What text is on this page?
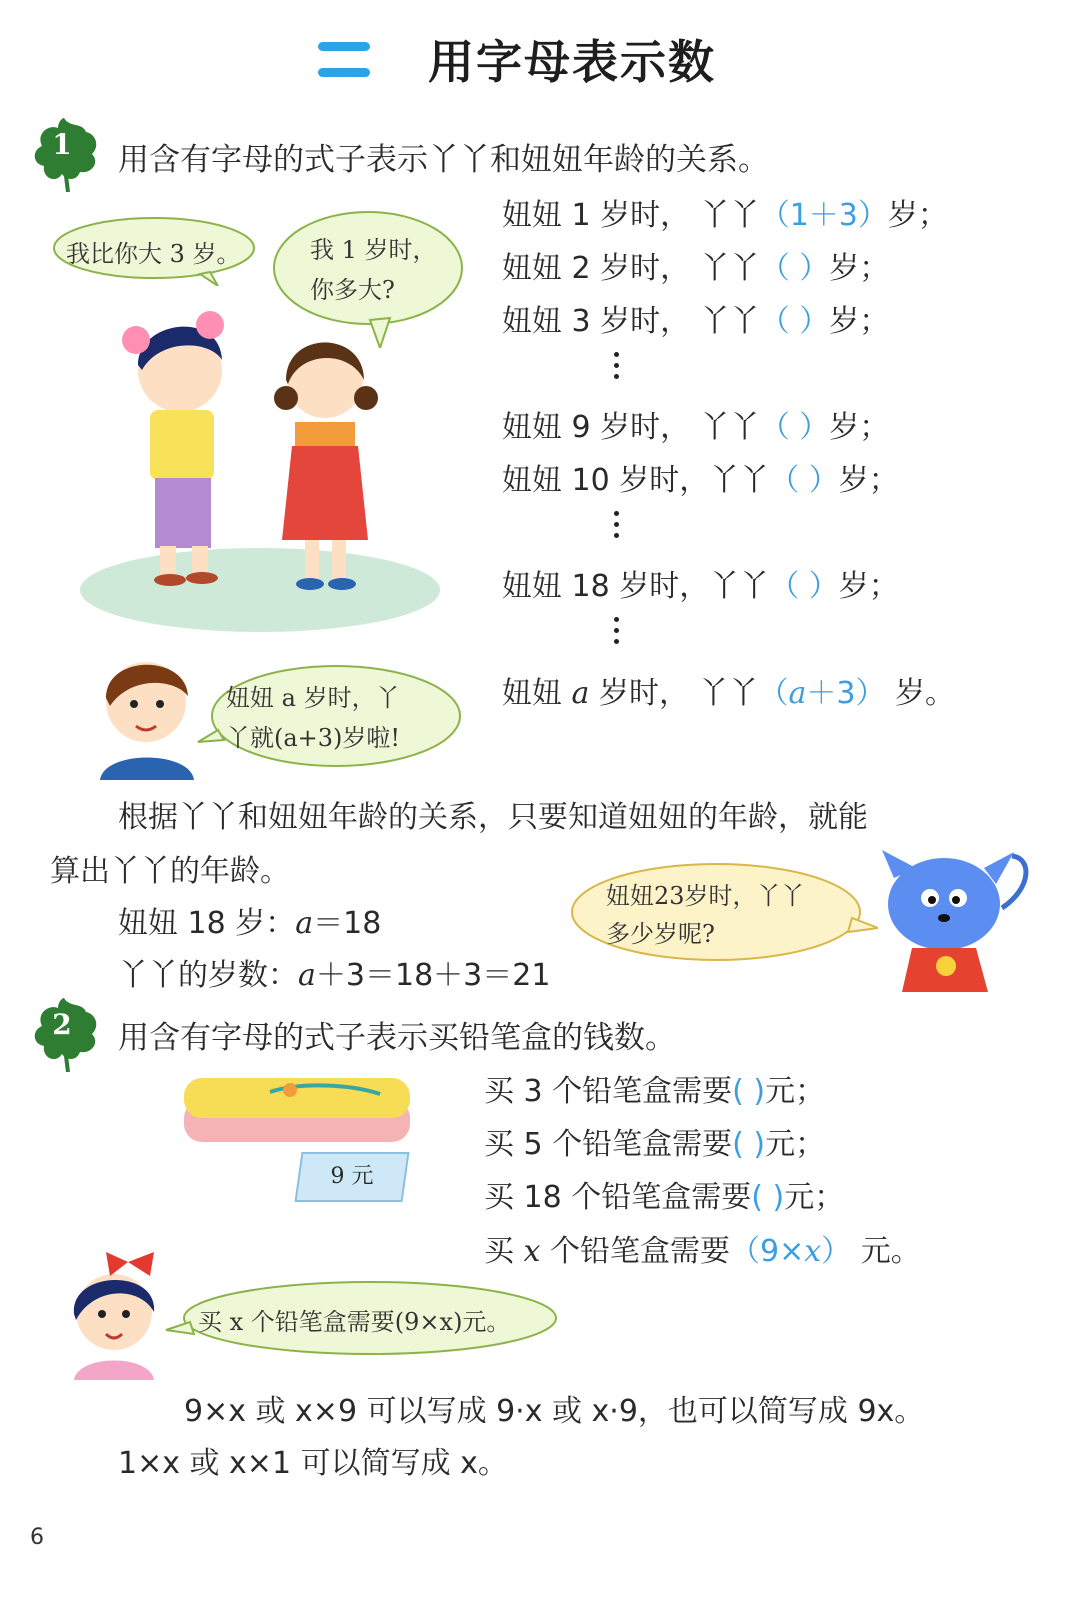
用字母表示数
1	用含有字母的式子表示丫丫和妞妞年龄的关系。
我比你大 3 岁。	我 1 岁时，
你多大?
妞妞 a 岁时，丫
丫就(a+3)岁啦!
妞妞 1 岁时， 丫丫（1＋3）岁；
妞妞 2 岁时， 丫丫（ ）岁；
妞妞 3 岁时， 丫丫（ ）岁；
妞妞 9 岁时， 丫丫（ ）岁；
妞妞 10 岁时，丫丫（ ）岁；
妞妞 18 岁时，丫丫（ ）岁；
妞妞 a 岁时， 丫丫（a＋3） 岁。
根据丫丫和妞妞年龄的关系，只要知道妞妞的年龄，就能
算出丫丫的年龄。
妞妞 18 岁：a＝18
丫丫的岁数：a＋3＝18＋3＝21
妞妞23岁时，丫丫
多少岁呢?
2	用含有字母的式子表示买铅笔盒的钱数。
9 元
买 3 个铅笔盒需要( )元；
买 5 个铅笔盒需要( )元；
买 18 个铅笔盒需要( )元；
买 x 个铅笔盒需要（9×x） 元。
买 x 个铅笔盒需要(9×x)元。
9×x 或 x×9 可以写成 9·x 或 x·9，也可以简写成 9x。
1×x 或 x×1 可以简写成 x。
6
